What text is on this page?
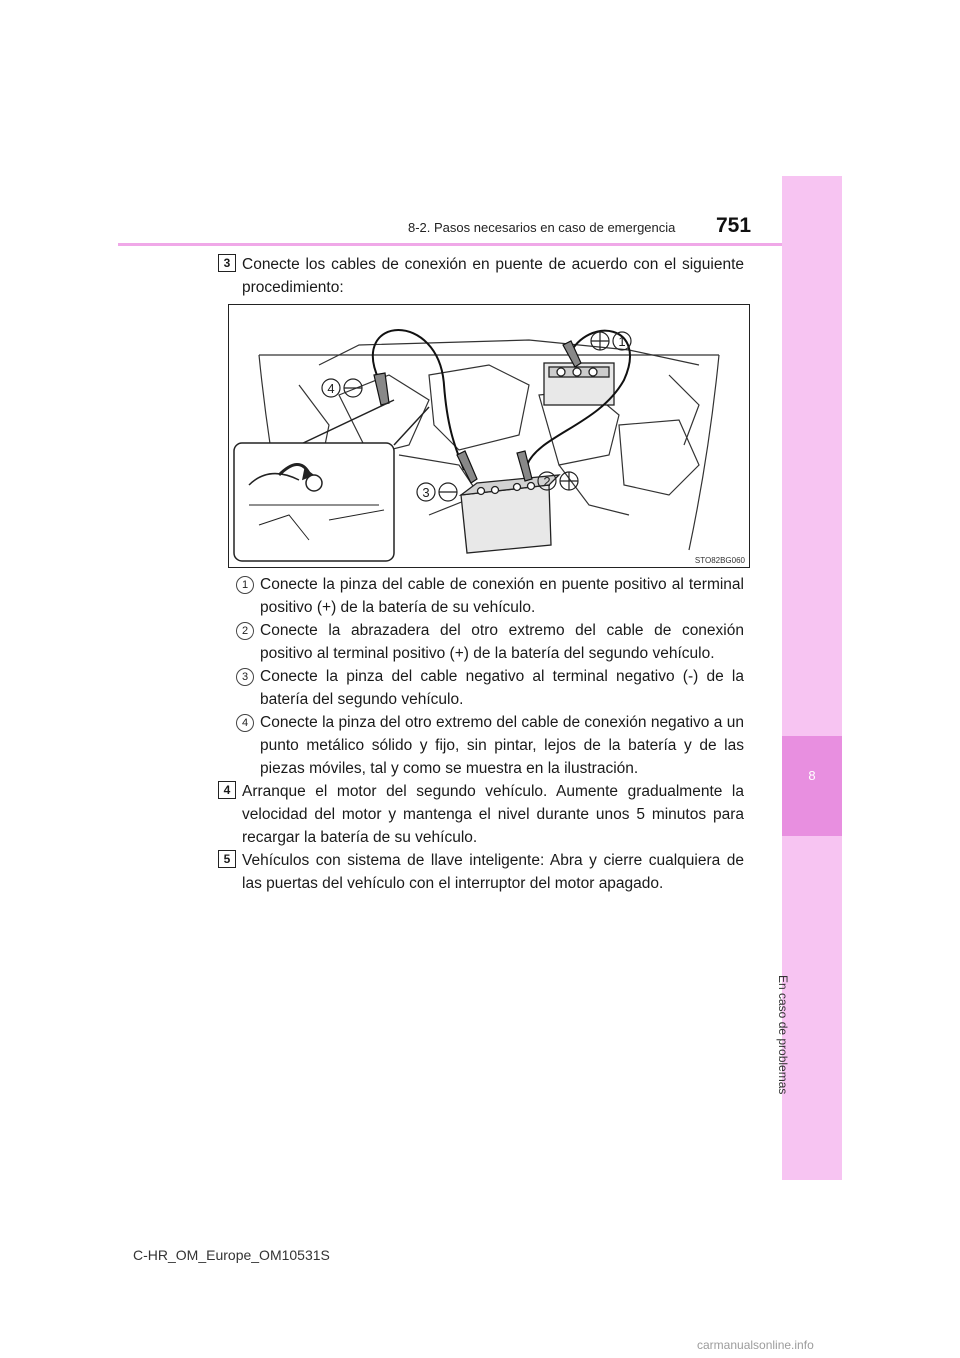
8
En caso de problemas
8-2. Pasos necesarios en caso de emergencia 751
3 Conecte los cables de conexión en puente de acuerdo con el siguiente procedimiento:
1
2
3
4
STO82BG060
1 Conecte la pinza del cable de conexión en puente positivo al terminal positivo (+) de la batería de su vehículo.
2 Conecte la abrazadera del otro extremo del cable de conexión positivo al terminal positivo (+) de la batería del segundo vehículo.
3 Conecte la pinza del cable negativo al terminal negativo (-) de la batería del segundo vehículo.
4 Conecte la pinza del otro extremo del cable de conexión negativo a un punto metálico sólido y fijo, sin pintar, lejos de la batería y de las piezas móviles, tal y como se muestra en la ilustración.
4 Arranque el motor del segundo vehículo. Aumente gradualmente la velocidad del motor y mantenga el nivel durante unos 5 minutos para recargar la batería de su vehículo.
5 Vehículos con sistema de llave inteligente: Abra y cierre cualquiera de las puertas del vehículo con el interruptor del motor apagado.
C-HR_OM_Europe_OM10531S
carmanualsonline.info
